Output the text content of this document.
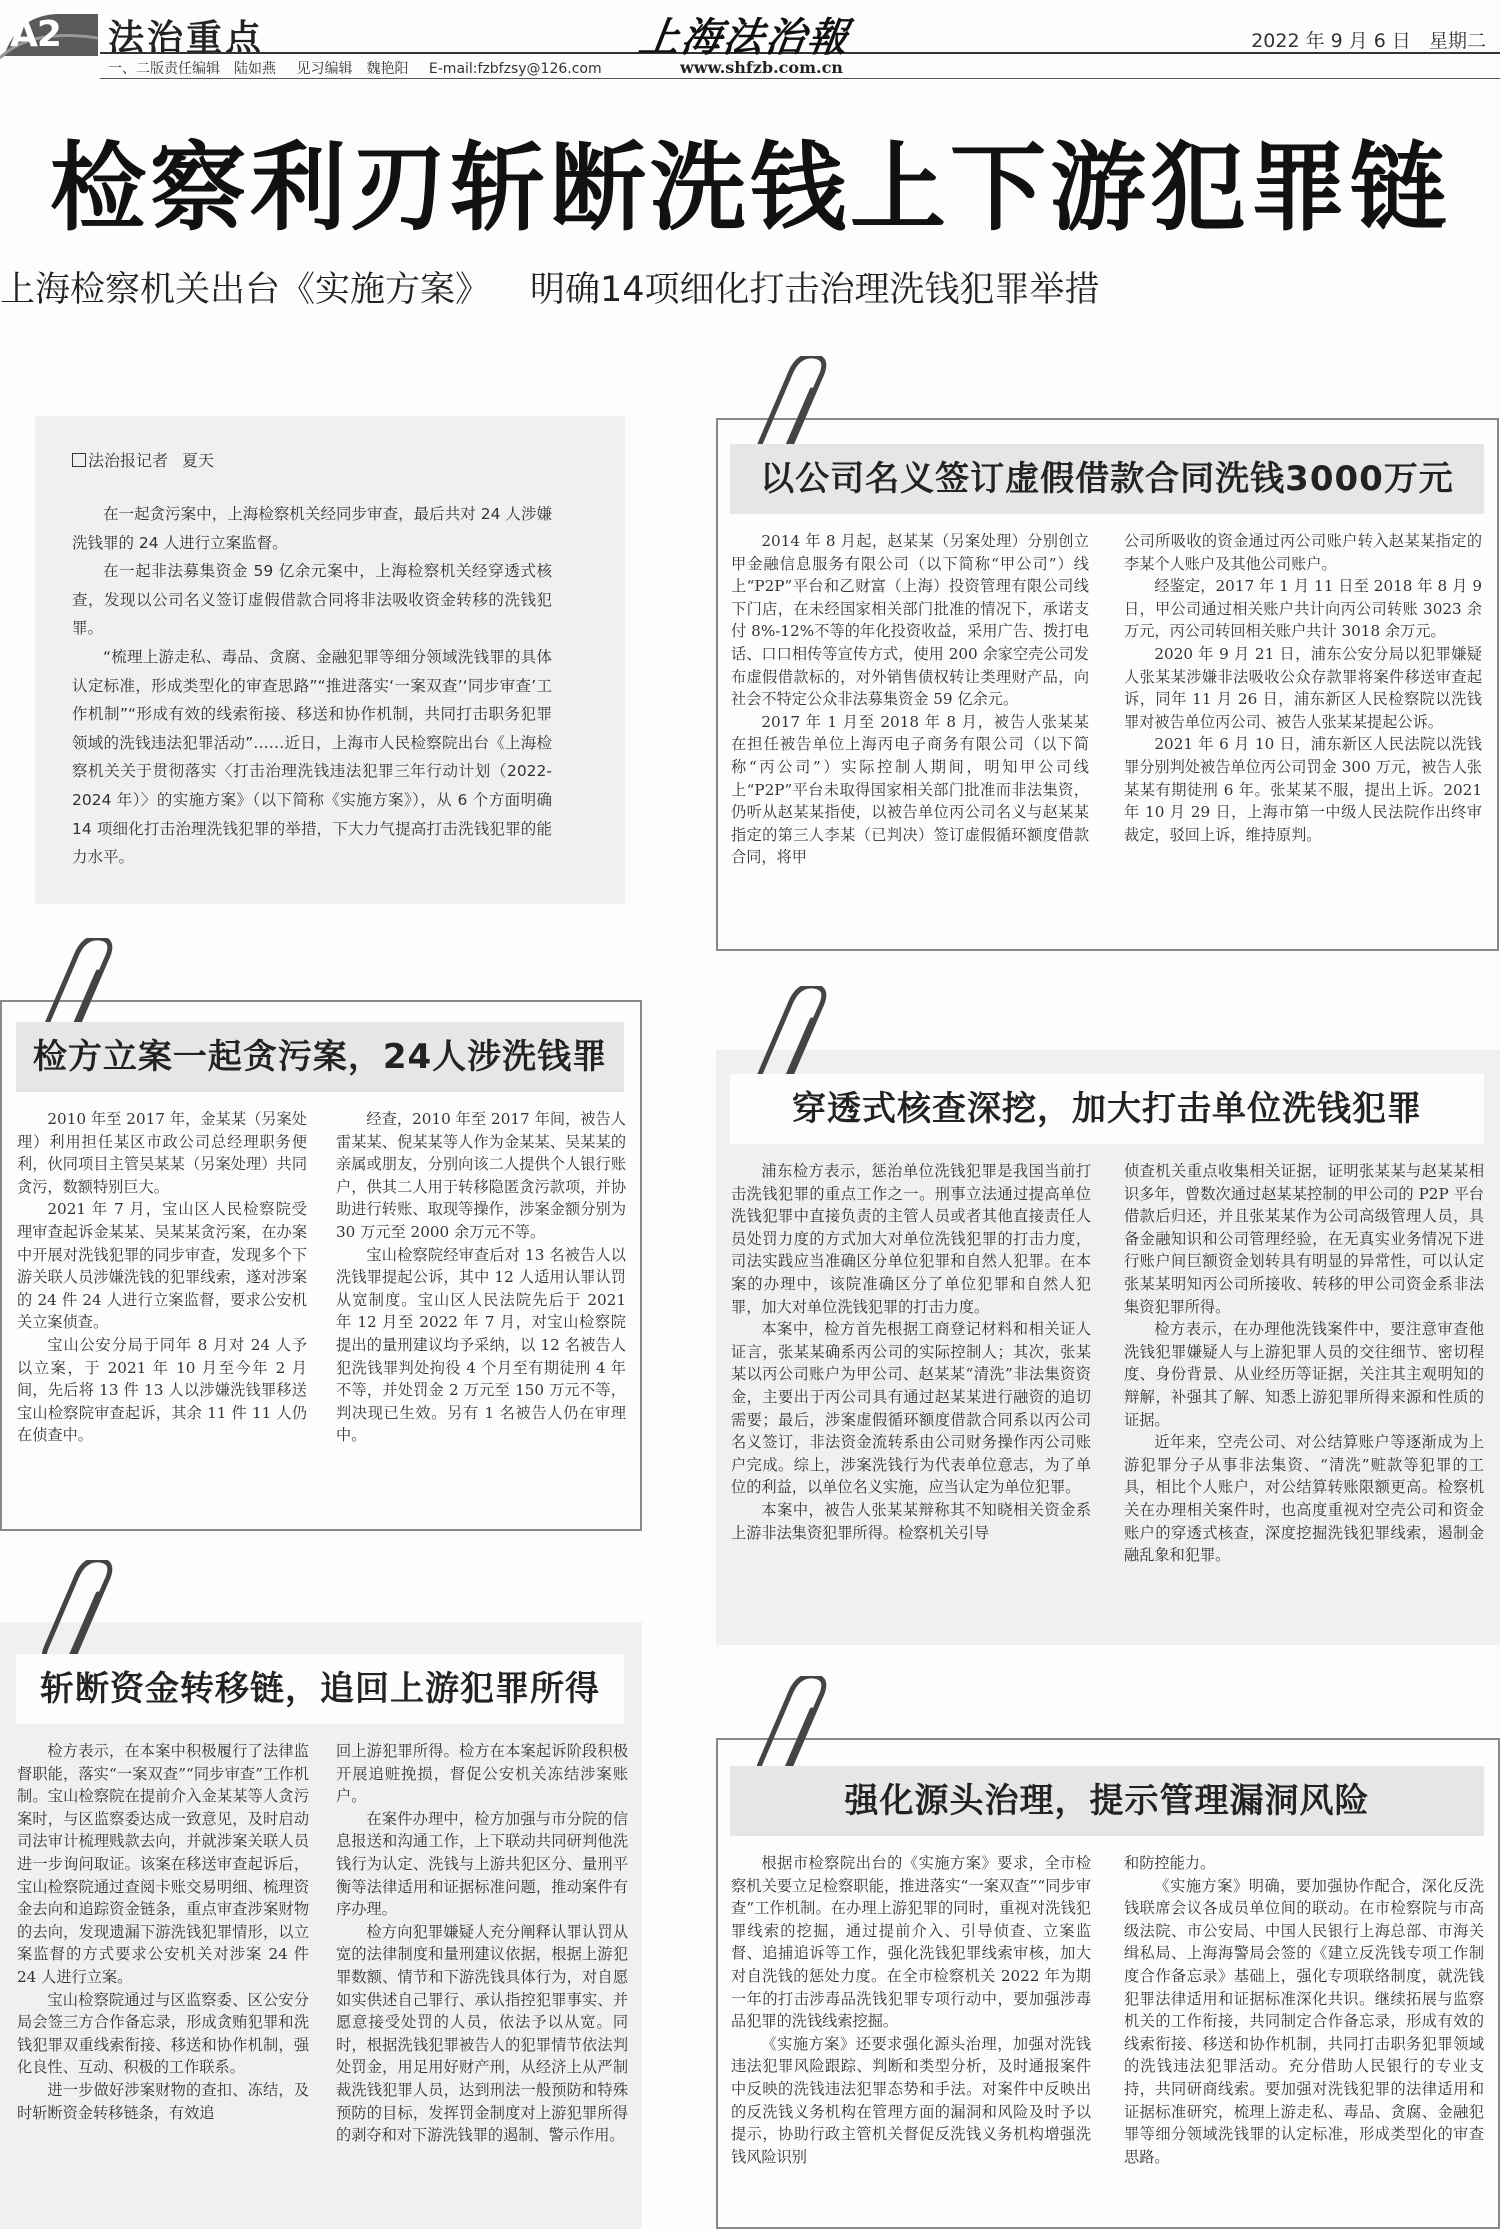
A2 法治重点
一、二版责任编辑　陆如燕 见习编辑　魏艳阳 E-mail:fzbfzsy@126.com
上海法治報
www.shfzb.com.cn
2022 年 9 月 6 日 星期二
检察利刃斩断洗钱上下游犯罪链
上海检察机关出台《实施方案》 明确14项细化打击治理洗钱犯罪举措
法治报记者 夏天

在一起贪污案中，上海检察机关经同步审查，最后共对 24 人涉嫌洗钱罪的 24 人进行立案监督。

在一起非法募集资金 59 亿余元案中，上海检察机关经穿透式核查，发现以公司名义签订虚假借款合同将非法吸收资金转移的洗钱犯罪。

“梳理上游走私、毒品、贪腐、金融犯罪等细分领域洗钱罪的具体认定标准，形成类型化的审查思路”“推进落实‘一案双查’‘同步审查’工作机制”“形成有效的线索衔接、移送和协作机制，共同打击职务犯罪领域的洗钱违法犯罪活动”……近日，上海市人民检察院出台《上海检察机关关于贯彻落实〈打击治理洗钱违法犯罪三年行动计划（2022-2024 年）〉的实施方案》（以下简称《实施方案》），从 6 个方面明确 14 项细化打击治理洗钱犯罪的举措，下大力气提高打击洗钱犯罪的能力水平。

以公司名义签订虚假借款合同洗钱3000万元

2014 年 8 月起，赵某某（另案处理）分别创立甲金融信息服务有限公司（以下简称“甲公司”）线上“P2P”平台和乙财富（上海）投资管理有限公司线下门店，在未经国家相关部门批准的情况下，承诺支付 8%-12%不等的年化投资收益，采用广告、拨打电话、口口相传等宣传方式，使用 200 余家空壳公司发布虚假借款标的，对外销售债权转让类理财产品，向社会不特定公众非法募集资金 59 亿余元。

2017 年 1 月至 2018 年 8 月，被告人张某某在担任被告单位上海丙电子商务有限公司（以下简称“丙公司”）实际控制人期间，明知甲公司线上“P2P”平台未取得国家相关部门批准而非法集资，仍听从赵某某指使，以被告单位丙公司名义与赵某某指定的第三人李某（已判决）签订虚假循环额度借款合同，将甲

公司所吸收的资金通过丙公司账户转入赵某某指定的李某个人账户及其他公司账户。

经鉴定，2017 年 1 月 11 日至 2018 年 8 月 9 日，甲公司通过相关账户共计向丙公司转账 3023 余万元，丙公司转回相关账户共计 3018 余万元。

2020 年 9 月 21 日，浦东公安分局以犯罪嫌疑人张某某涉嫌非法吸收公众存款罪将案件移送审查起诉，同年 11 月 26 日，浦东新区人民检察院以洗钱罪对被告单位丙公司、被告人张某某提起公诉。

2021 年 6 月 10 日，浦东新区人民法院以洗钱罪分别判处被告单位丙公司罚金 300 万元，被告人张某某有期徒刑 6 年。张某某不服，提出上诉。2021 年 10 月 29 日，上海市第一中级人民法院作出终审裁定，驳回上诉，维持原判。

检方立案一起贪污案，24人涉洗钱罪

2010 年至 2017 年，金某某（另案处理）利用担任某区市政公司总经理职务便利，伙同项目主管吴某某（另案处理）共同贪污，数额特别巨大。

2021 年 7 月，宝山区人民检察院受理审查起诉金某某、吴某某贪污案，在办案中开展对洗钱犯罪的同步审查，发现多个下游关联人员涉嫌洗钱的犯罪线索，遂对涉案的 24 件 24 人进行立案监督，要求公安机关立案侦查。

宝山公安分局于同年 8 月对 24 人予以立案，于 2021 年 10 月至今年 2 月间，先后将 13 件 13 人以涉嫌洗钱罪移送宝山检察院审查起诉，其余 11 件 11 人仍在侦查中。

经查，2010 年至 2017 年间，被告人雷某某、倪某某等人作为金某某、吴某某的亲属或朋友，分别向该二人提供个人银行账户，供其二人用于转移隐匿贪污款项，并协助进行转账、取现等操作，涉案金额分别为 30 万元至 2000 余万元不等。

宝山检察院经审查后对 13 名被告人以洗钱罪提起公诉，其中 12 人适用认罪认罚从宽制度。宝山区人民法院先后于 2021 年 12 月至 2022 年 7 月，对宝山检察院提出的量刑建议均予采纳，以 12 名被告人犯洗钱罪判处拘役 4 个月至有期徒刑 4 年不等，并处罚金 2 万元至 150 万元不等，判决现已生效。另有 1 名被告人仍在审理中。

穿透式核查深挖，加大打击单位洗钱犯罪

浦东检方表示，惩治单位洗钱犯罪是我国当前打击洗钱犯罪的重点工作之一。刑事立法通过提高单位洗钱犯罪中直接负责的主管人员或者其他直接责任人员处罚力度的方式加大对单位洗钱犯罪的打击力度，司法实践应当准确区分单位犯罪和自然人犯罪。在本案的办理中，该院准确区分了单位犯罪和自然人犯罪，加大对单位洗钱犯罪的打击力度。

本案中，检方首先根据工商登记材料和相关证人证言，张某某确系丙公司的实际控制人；其次，张某某以丙公司账户为甲公司、赵某某“清洗”非法集资资金，主要出于丙公司具有通过赵某某进行融资的追切需要；最后，涉案虚假循环额度借款合同系以丙公司名义签订，非法资金流转系由公司财务操作丙公司账户完成。综上，涉案洗钱行为代表单位意志，为了单位的利益，以单位名义实施，应当认定为单位犯罪。

本案中，被告人张某某辩称其不知晓相关资金系上游非法集资犯罪所得。检察机关引导

侦查机关重点收集相关证据，证明张某某与赵某某相识多年，曾数次通过赵某某控制的甲公司的 P2P 平台借款后归还，并且张某某作为公司高级管理人员，具备金融知识和公司管理经验，在无真实业务情况下进行账户间巨额资金划转具有明显的异常性，可以认定张某某明知丙公司所接收、转移的甲公司资金系非法集资犯罪所得。

检方表示，在办理他洗钱案件中，要注意审查他洗钱犯罪嫌疑人与上游犯罪人员的交往细节、密切程度、身份背景、从业经历等证据，关注其主观明知的辩解，补强其了解、知悉上游犯罪所得来源和性质的证据。

近年来，空壳公司、对公结算账户等逐渐成为上游犯罪分子从事非法集资、“清洗”赃款等犯罪的工具，相比个人账户，对公结算转账限额更高。检察机关在办理相关案件时，也高度重视对空壳公司和资金账户的穿透式核查，深度挖掘洗钱犯罪线索，遏制金融乱象和犯罪。

斩断资金转移链，追回上游犯罪所得

检方表示，在本案中积极履行了法律监督职能，落实“一案双查”“同步审查”工作机制。宝山检察院在提前介入金某某等人贪污案时，与区监察委达成一致意见，及时启动司法审计梳理贱款去向，并就涉案关联人员进一步询问取证。该案在移送审查起诉后，宝山检察院通过查阅卡账交易明细、梳理资金去向和追踪资金链条，重点审查涉案财物的去向，发现遗漏下游洗钱犯罪情形，以立案监督的方式要求公安机关对涉案 24 件 24 人进行立案。

宝山检察院通过与区监察委、区公安分局会签三方合作备忘录，形成贪贿犯罪和洗钱犯罪双重线索衔接、移送和协作机制，强化良性、互动、积极的工作联系。

进一步做好涉案财物的查扣、冻结，及时斩断资金转移链条，有效追

回上游犯罪所得。检方在本案起诉阶段积极开展追赃挽损，督促公安机关冻结涉案账户。

在案件办理中，检方加强与市分院的信息报送和沟通工作，上下联动共同研判他洗钱行为认定、洗钱与上游共犯区分、量刑平衡等法律适用和证据标准问题，推动案件有序办理。

检方向犯罪嫌疑人充分阐释认罪认罚从宽的法律制度和量刑建议依据，根据上游犯罪数额、情节和下游洗钱具体行为，对自愿如实供述自己罪行、承认指控犯罪事实、并愿意接受处罚的人员，依法予以从宽。同时，根据洗钱犯罪被告人的犯罪情节依法判处罚金，用足用好财产刑，从经济上从严制裁洗钱犯罪人员，达到刑法一般预防和特殊预防的目标，发挥罚金制度对上游犯罪所得的剥夺和对下游洗钱罪的遏制、警示作用。

强化源头治理，提示管理漏洞风险

根据市检察院出台的《实施方案》要求，全市检察机关要立足检察职能，推进落实“一案双查”“同步审查”工作机制。在办理上游犯罪的同时，重视对洗钱犯罪线索的挖掘，通过提前介入、引导侦查、立案监督、追捕追诉等工作，强化洗钱犯罪线索审核，加大对自洗钱的惩处力度。在全市检察机关 2022 年为期一年的打击涉毒品洗钱犯罪专项行动中，要加强涉毒品犯罪的洗钱线索挖掘。

《实施方案》还要求强化源头治理，加强对洗钱违法犯罪风险跟踪、判断和类型分析，及时通报案件中反映的洗钱违法犯罪态势和手法。对案件中反映出的反洗钱义务机构在管理方面的漏洞和风险及时予以提示，协助行政主管机关督促反洗钱义务机构增强洗钱风险识别

和防控能力。

《实施方案》明确，要加强协作配合，深化反洗钱联席会议各成员单位间的联动。在市检察院与市高级法院、市公安局、中国人民银行上海总部、市海关缉私局、上海海警局会签的《建立反洗钱专项工作制度合作备忘录》基础上，强化专项联络制度，就洗钱犯罪法律适用和证据标准深化共识。继续拓展与监察机关的工作衔接，共同制定合作备忘录，形成有效的线索衔接、移送和协作机制，共同打击职务犯罪领域的洗钱违法犯罪活动。充分借助人民银行的专业支持，共同研商线索。要加强对洗钱犯罪的法律适用和证据标准研究，梳理上游走私、毒品、贪腐、金融犯罪等细分领域洗钱罪的认定标准，形成类型化的审查思路。
